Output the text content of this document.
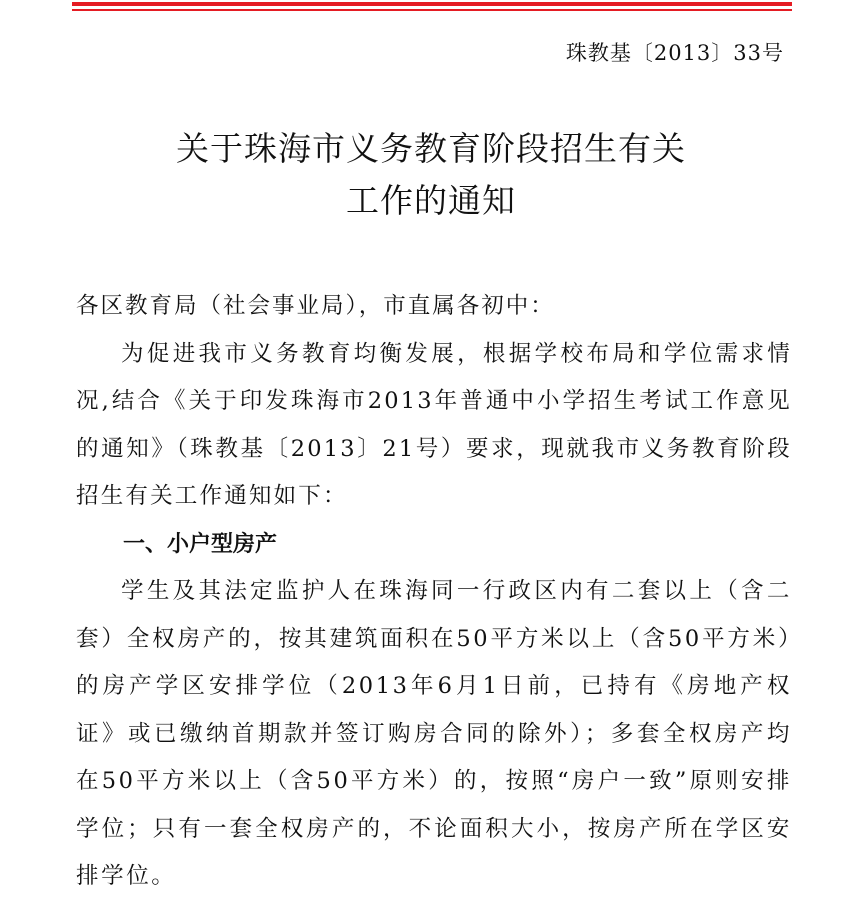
珠教基〔2013〕33号
关于珠海市义务教育阶段招生有关
工作的通知

各区教育局（社会事业局），市直属各初中：

为促进我市义务教育均衡发展，根据学校布局和学位需求情况,结合《关于印发珠海市2013年普通中小学招生考试工作意见的通知》（珠教基〔2013〕21号）要求，现就我市义务教育阶段招生有关工作通知如下：

一、小户型房产

学生及其法定监护人在珠海同一行政区内有二套以上（含二套）全权房产的，按其建筑面积在50平方米以上（含50平方米）的房产学区安排学位（2013年6月1日前，已持有《房地产权证》或已缴纳首期款并签订购房合同的除外）；多套全权房产均在50平方米以上（含50平方米）的，按照“房户一致”原则安排学位；只有一套全权房产的，不论面积大小，按房产所在学区安排学位。
